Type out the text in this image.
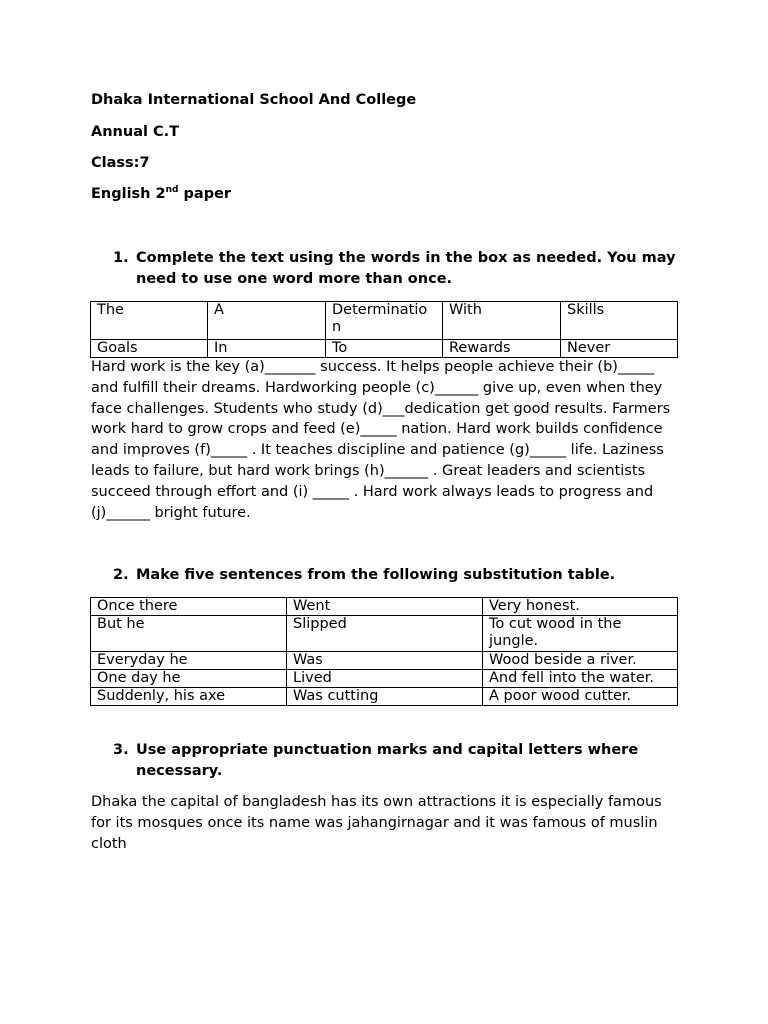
Dhaka International School And College
Annual C.T
Class:7
English 2nd paper
1. Complete the text using the words in the box as needed. You may need to use one word more than once.
The	A	Determination	With	Skills
Goals	In	To	Rewards	Never
Hard work is the key (a)_______ success. It helps people achieve their (b)_____ and fulfill their dreams. Hardworking people (c)______ give up, even when they face challenges. Students who study (d)___dedication get good results. Farmers work hard to grow crops and feed (e)_____ nation. Hard work builds confidence and improves (f)_____ . It teaches discipline and patience (g)_____ life. Laziness leads to failure, but hard work brings (h)______ . Great leaders and scientists succeed through effort and (i) _____ . Hard work always leads to progress and (j)______ bright future.
2. Make five sentences from the following substitution table.
Once there	Went	Very honest.
But he	Slipped	To cut wood in the jungle.
Everyday he	Was	Wood beside a river.
One day he	Lived	And fell into the water.
Suddenly, his axe	Was cutting	A poor wood cutter.
3. Use appropriate punctuation marks and capital letters where necessary.
Dhaka the capital of bangladesh has its own attractions it is especially famous for its mosques once its name was jahangirnagar and it was famous of muslin cloth
